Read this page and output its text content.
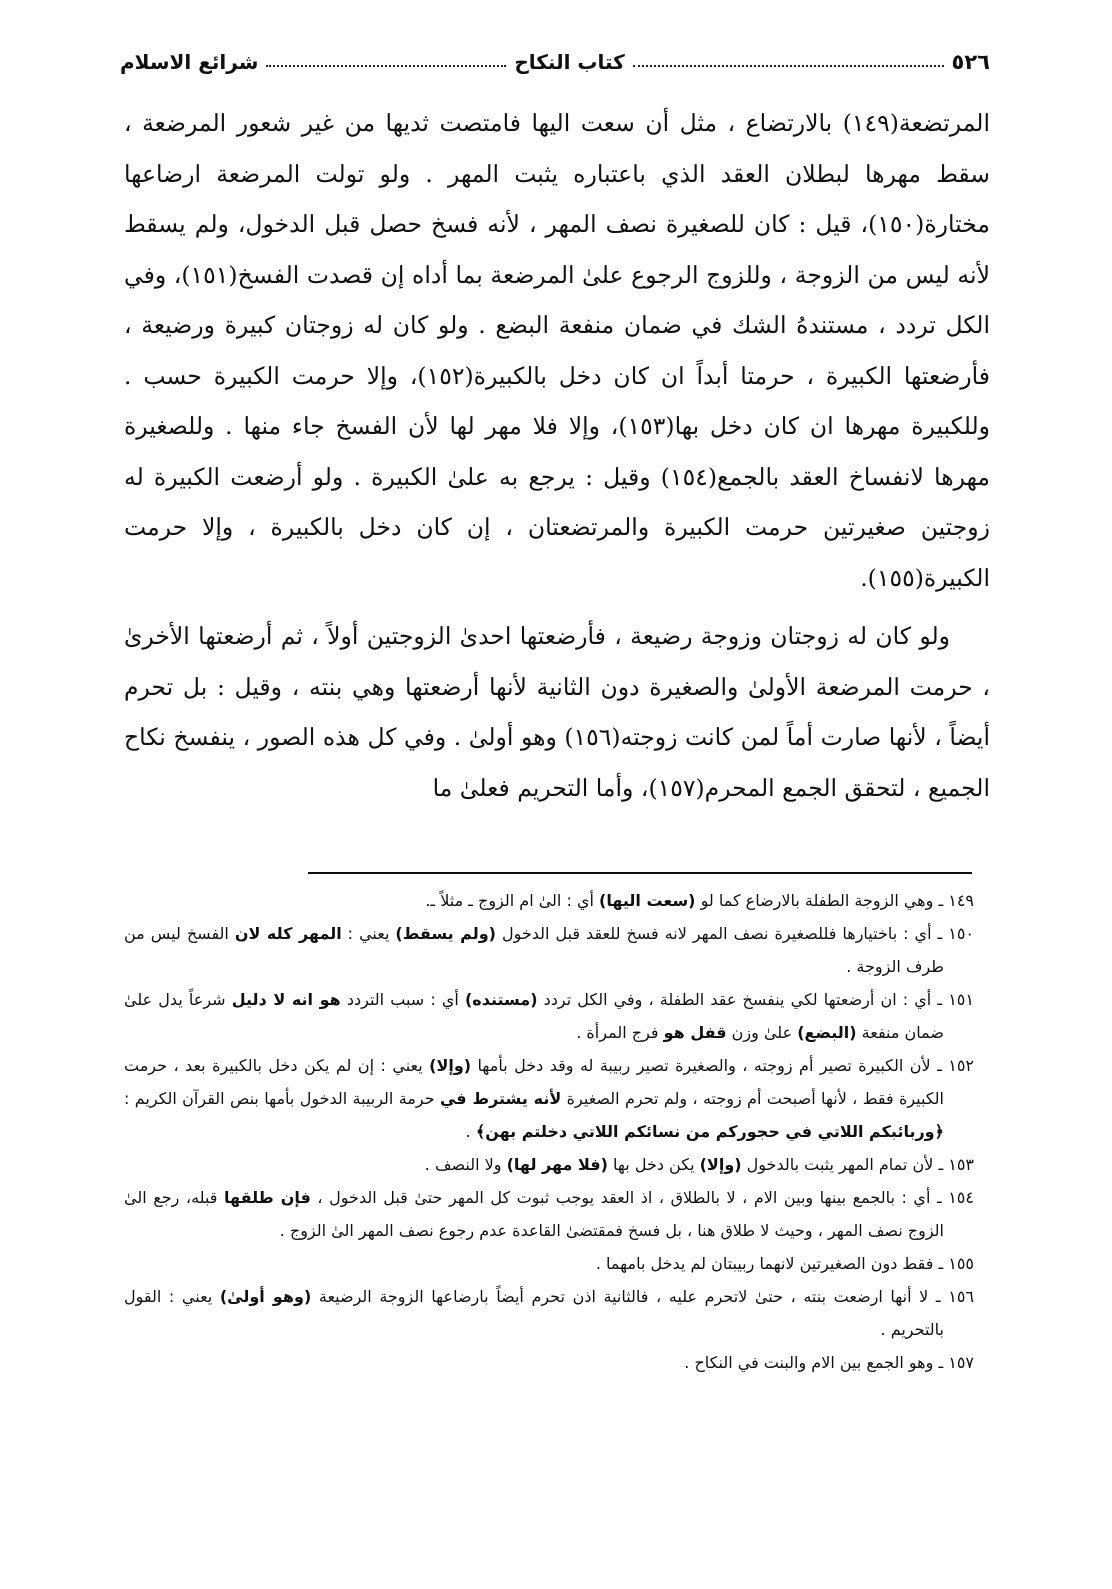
٥٢٦
كتاب النكاح
شرائع الاسلام

المرتضعة(١٤٩) بالارتضاع ، مثل أن سعت اليها فامتصت ثديها من غير شعور المرضعة ، سقط مهرها لبطلان العقد الذي باعتباره يثبت المهر . ولو تولت المرضعة ارضاعها مختارة(١٥٠)، قيل : كان للصغيرة نصف المهر ، لأنه فسخ حصل قبل الدخول، ولم يسقط لأنه ليس من الزوجة ، وللزوج الرجوع علىٰ المرضعة بما أداه إن قصدت الفسخ(١٥١)، وفي الكل تردد ، مستندهُ الشك في ضمان منفعة البضع . ولو كان له زوجتان كبيرة ورضيعة ، فأرضعتها الكبيرة ، حرمتا أبداً ان كان دخل بالكبيرة(١٥٢)، وإلا حرمت الكبيرة حسب . وللكبيرة مهرها ان كان دخل بها(١٥٣)، وإلا فلا مهر لها لأن الفسخ جاء منها . وللصغيرة مهرها لانفساخ العقد بالجمع(١٥٤) وقيل : يرجع به علىٰ الكبيرة . ولو أرضعت الكبيرة له زوجتين صغيرتين حرمت الكبيرة والمرتضعتان ، إن كان دخل بالكبيرة ، وإلا حرمت الكبيرة(١٥٥).

ولو كان له زوجتان وزوجة رضيعة ، فأرضعتها احدىٰ الزوجتين أولاً ، ثم أرضعتها الأخرىٰ ، حرمت المرضعة الأولىٰ والصغيرة دون الثانية لأنها أرضعتها وهي بنته ، وقيل : بل تحرم أيضاً ، لأنها صارت أماً لمن كانت زوجته(١٥٦) وهو أولىٰ . وفي كل هذه الصور ، ينفسخ نكاح الجميع ، لتحقق الجمع المحرم(١٥٧)، وأما التحريم فعلىٰ ما

١٤٩ ـ وهي الزوجة الطفلة بالارضاع كما لو (سعت اليها) أي : الىٰ ام الزوج ـ مثلاً ـ.

١٥٠ ـ أي : باختيارها فللصغيرة نصف المهر لانه فسخ للعقد قبل الدخول (ولم يسقط) يعني : المهر كله لان الفسخ ليس من طرف الزوجة .

١٥١ ـ أي : ان أرضعتها لكي ينفسخ عقد الطفلة ، وفي الكل تردد (مستنده) أي : سبب التردد هو انه لا دليل شرعاً يدل علىٰ ضمان منفعة (البضع) علىٰ وزن قفل هو فرج المرأة .

١٥٢ ـ لأن الكبيرة تصير أم زوجته ، والصغيرة تصير ربيبة له وقد دخل بأمها (وإلا) يعني : إن لم يكن دخل بالكبيرة بعد ، حرمت الكبيرة فقط ، لأنها أصبحت أم زوجته ، ولم تحرم الصغيرة لأنه يشترط في حرمة الربيبة الدخول بأمها بنص القرآن الكريم : ﴿وربائبكم اللاتي في حجوركم من نسائكم اللاتي دخلتم بهن﴾ .

١٥٣ ـ لأن تمام المهر يثبت بالدخول (وإلا) يكن دخل بها (فلا مهر لها) ولا النصف .

١٥٤ ـ أي : بالجمع بينها وبين الام ، لا بالطلاق ، اذ العقد يوجب ثبوت كل المهر حتىٰ قبل الدخول ، فإن طلقها قبله، رجع الىٰ الزوج نصف المهر ، وحيث لا طلاق هنا ، بل فسخ فمقتضىٰ القاعدة عدم رجوع نصف المهر الىٰ الزوج .

١٥٥ ـ فقط دون الصغيرتين لانهما ربيبتان لم يدخل بامهما .

١٥٦ ـ لا أنها ارضعت بنته ، حتىٰ لاتحرم عليه ، فالثانية اذن تحرم أيضاً بارضاعها الزوجة الرضيعة (وهو أولىٰ) يعني : القول بالتحريم .

١٥٧ ـ وهو الجمع بين الام والبنت في النكاح .
